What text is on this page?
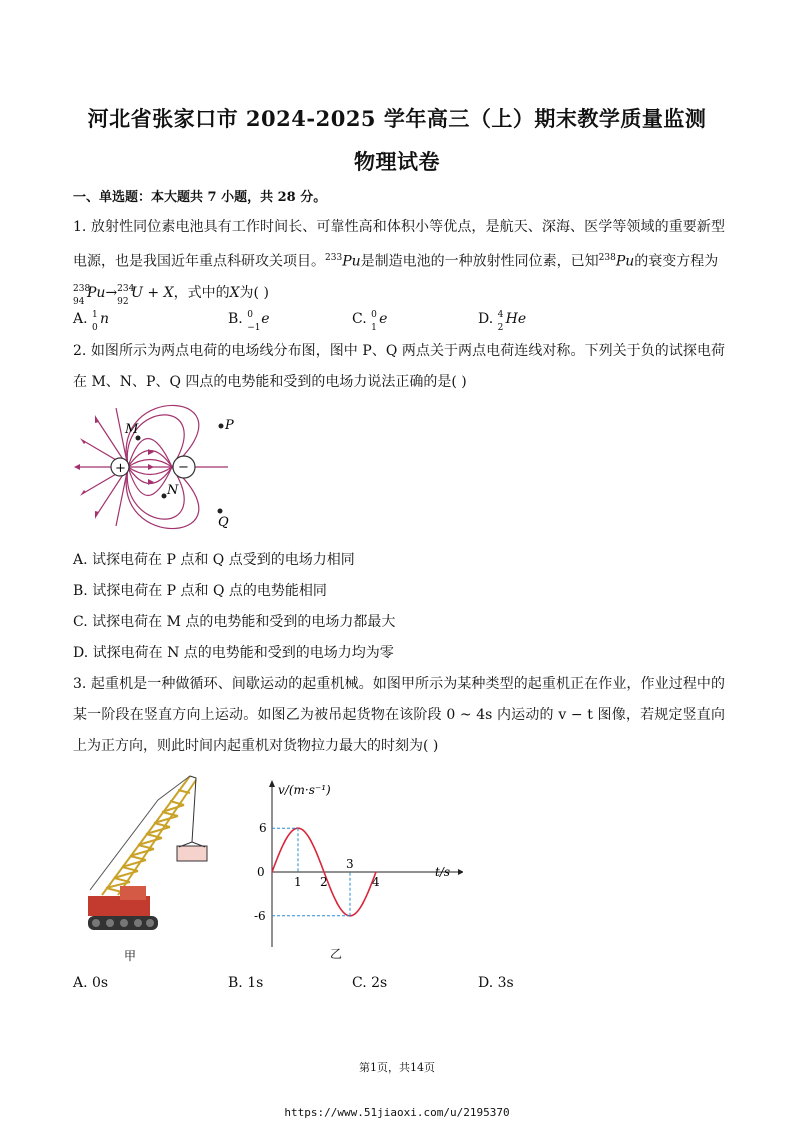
河北省张家口市 2024-2025 学年高三（上）期末教学质量监测
物理试卷
一、单选题：本大题共 7 小题，共 28 分。
1. 放射性同位素电池具有工作时间长、可靠性高和体积小等优点，是航天、深海、医学等领域的重要新型电源，也是我国近年重点科研攻关项目。$^{233}$Pu是制造电池的一种放射性同位素，已知$^{238}$Pu的衰变方程为

238
94
Pu→ 234
92
U + X，式中的X为( )
A. 1
0
n	B. 0
−1
e	C. 0
1
e	D. 4
2
He
2. 如图所示为两点电荷的电场线分布图，图中 P、Q 两点关于两点电荷连线对称。下列关于负的试探电荷在 M、N、P、Q 四点的电势能和受到的电场力说法正确的是( )
+	−
M	P
N
Q
A. 试探电荷在 P 点和 Q 点受到的电场力相同
B. 试探电荷在 P 点和 Q 点的电势能相同
C. 试探电荷在 M 点的电势能和受到的电场力都最大
D. 试探电荷在 N 点的电势能和受到的电场力均为零
3. 起重机是一种做循环、间歇运动的起重机械。如图甲所示为某种类型的起重机正在作业，作业过程中的某一阶段在竖直方向上运动。如图乙为被吊起货物在该阶段 0 ~ 4s 内运动的 v − t 图像，若规定竖直向上为正方向，则此时间内起重机对货物拉力最大的时刻为( )
甲
v/(m·s⁻¹)
t/s
0
1 2
3
4
6
-6
乙
A. 0s	B. 1s	C. 2s	D. 3s
第1页，共14页
https://www.51jiaoxi.com/u/2195370
